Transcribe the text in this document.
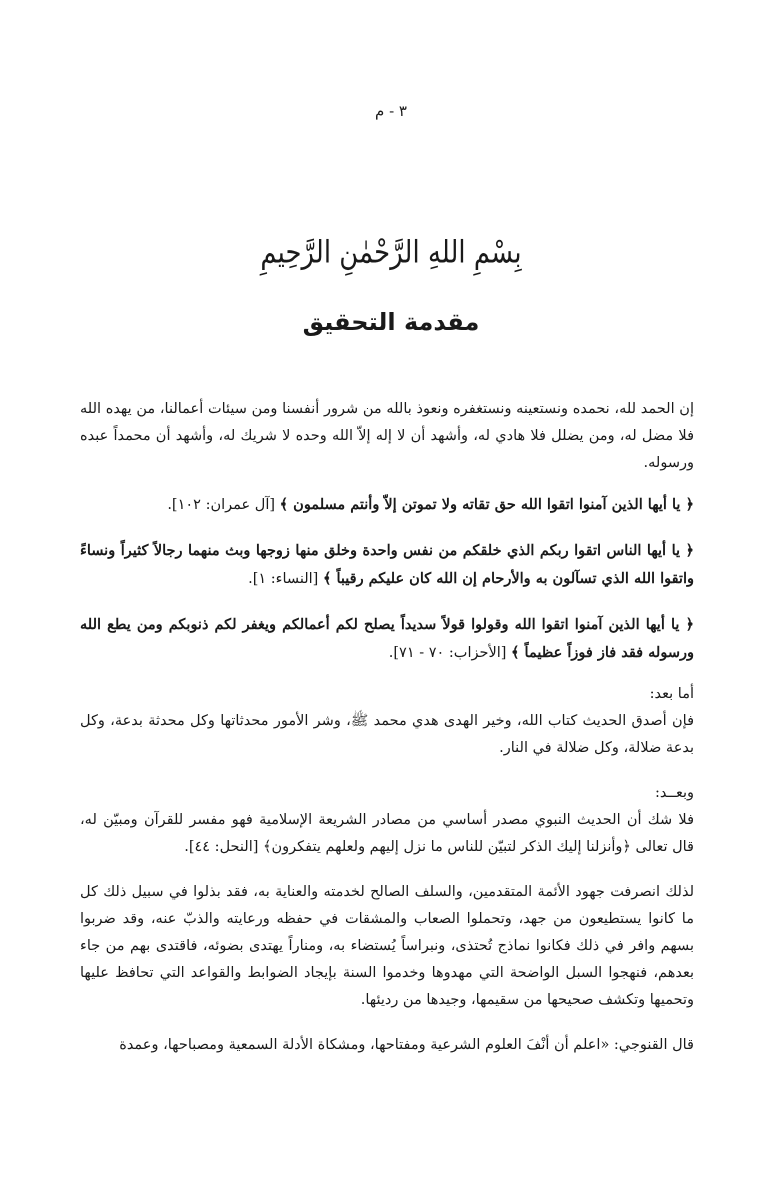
٣ - م
بِسْمِ اللهِ الرَّحْمٰنِ الرَّحِيمِ
مقدمة التحقيق

إن الحمد لله، نحمده ونستعينه ونستغفره ونعوذ بالله من شرور أنفسنا ومن سيئات أعمالنا، من يهده الله فلا مضل له، ومن يضلل فلا هادي له، وأشهد أن لا إله إلاّ الله وحده لا شريك له، وأشهد أن محمداً عبده ورسوله.

﴿ يا أيها الذين آمنوا اتقوا الله حق تقاته ولا تموتن إلاّ وأنتم مسلمون ﴾ [آل عمران: ١٠٢].

﴿ يا أيها الناس اتقوا ربكم الذي خلقكم من نفس واحدة وخلق منها زوجها وبث منهما رجالاً كثيراً ونساءً واتقوا الله الذي تسآلون به والأرحام إن الله كان عليكم رقيباً ﴾ [النساء: ١].

﴿ يا أيها الذين آمنوا اتقوا الله وقولوا قولاً سديداً يصلح لكم أعمالكم ويغفر لكم ذنوبكم ومن يطع الله ورسوله فقد فاز فوزاً عظيماً ﴾ [الأحزاب: ٧٠ - ٧١].

أما بعد:

فإن أصدق الحديث كتاب الله، وخير الهدى هدي محمد ﷺ، وشر الأمور محدثاتها وكل محدثة بدعة، وكل بدعة ضلالة، وكل ضلالة في النار.

وبعــد:

فلا شك أن الحديث النبوي مصدر أساسي من مصادر الشريعة الإسلامية فهو مفسر للقرآن ومبيّن له، قال تعالى ﴿وأنزلنا إليك الذكر لتبيّن للناس ما نزل إليهم ولعلهم يتفكرون﴾ [النحل: ٤٤].

لذلك انصرفت جهود الأئمة المتقدمين، والسلف الصالح لخدمته والعناية به، فقد بذلوا في سبيل ذلك كل ما كانوا يستطيعون من جهد، وتحملوا الصعاب والمشقات في حفظه ورعايته والذبّ عنه، وقد ضربوا بسهم وافر في ذلك فكانوا نماذج تُحتذى، ونبراساً يُستضاء به، ومناراً يهتدى بضوئه، فاقتدى بهم من جاء بعدهم، فنهجوا السبل الواضحة التي مهدوها وخدموا السنة بإيجاد الضوابط والقواعد التي تحافظ عليها وتحميها وتكشف صحيحها من سقيمها، وجيدها من رديئها.

قال القنوجي: «اعلم أن أنْفَ العلوم الشرعية ومفتاحها، ومشكاة الأدلة السمعية ومصباحها، وعمدة
